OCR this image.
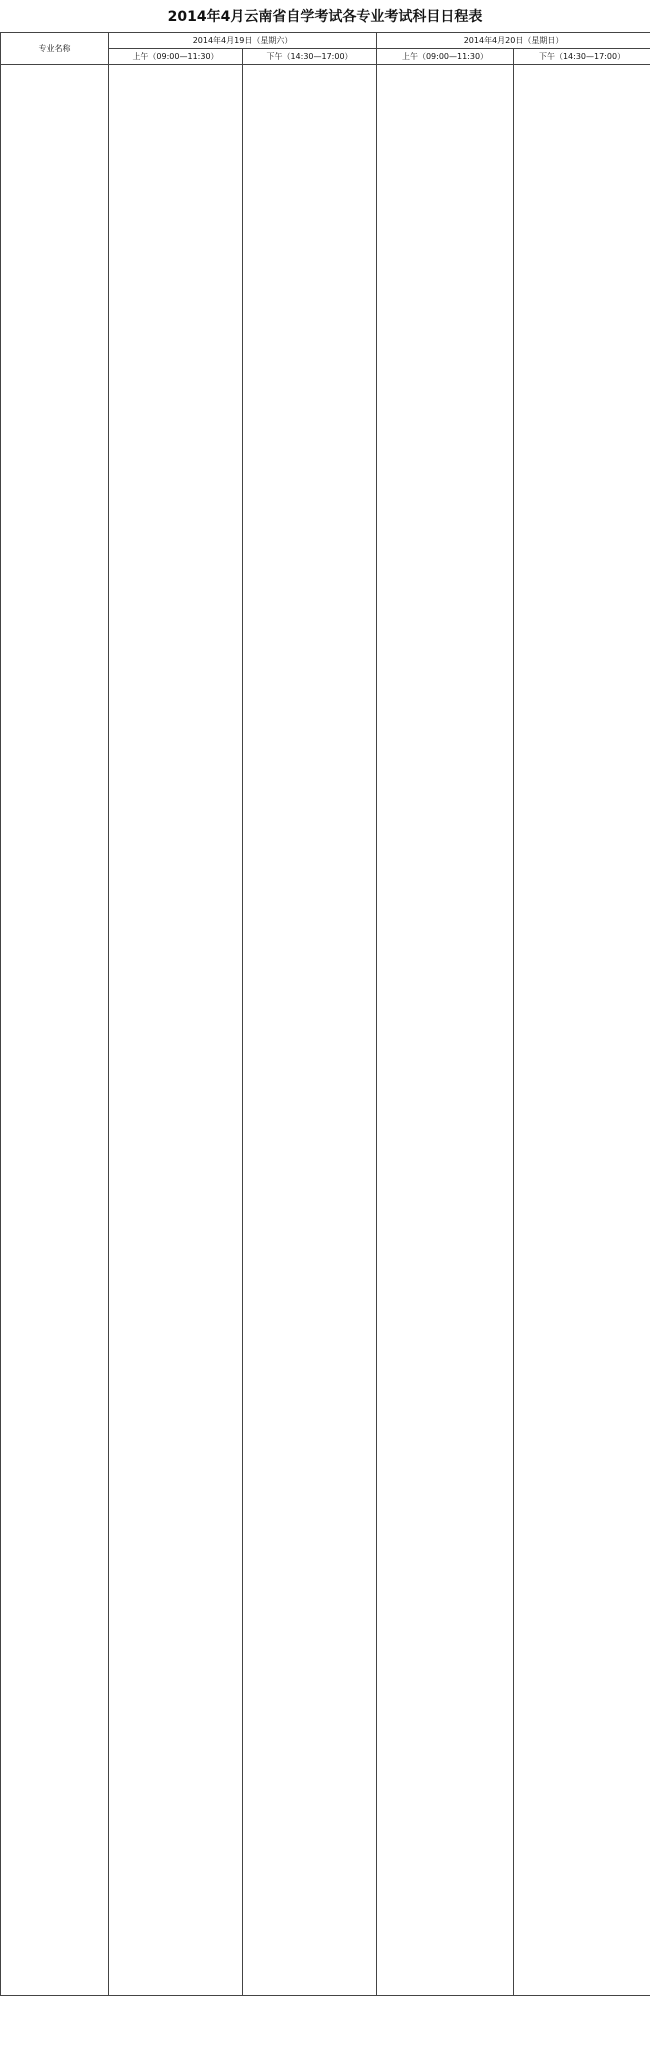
2014年4月云南省自学考试各专业考试科目日程表
专业名称	2014年4月19日（星期六）		2014年4月20日（星期日）	
	上午（09:00—11:30）	下午（14:30—17:00）	上午（09:00—11:30）	下午（14:30—17:00）
